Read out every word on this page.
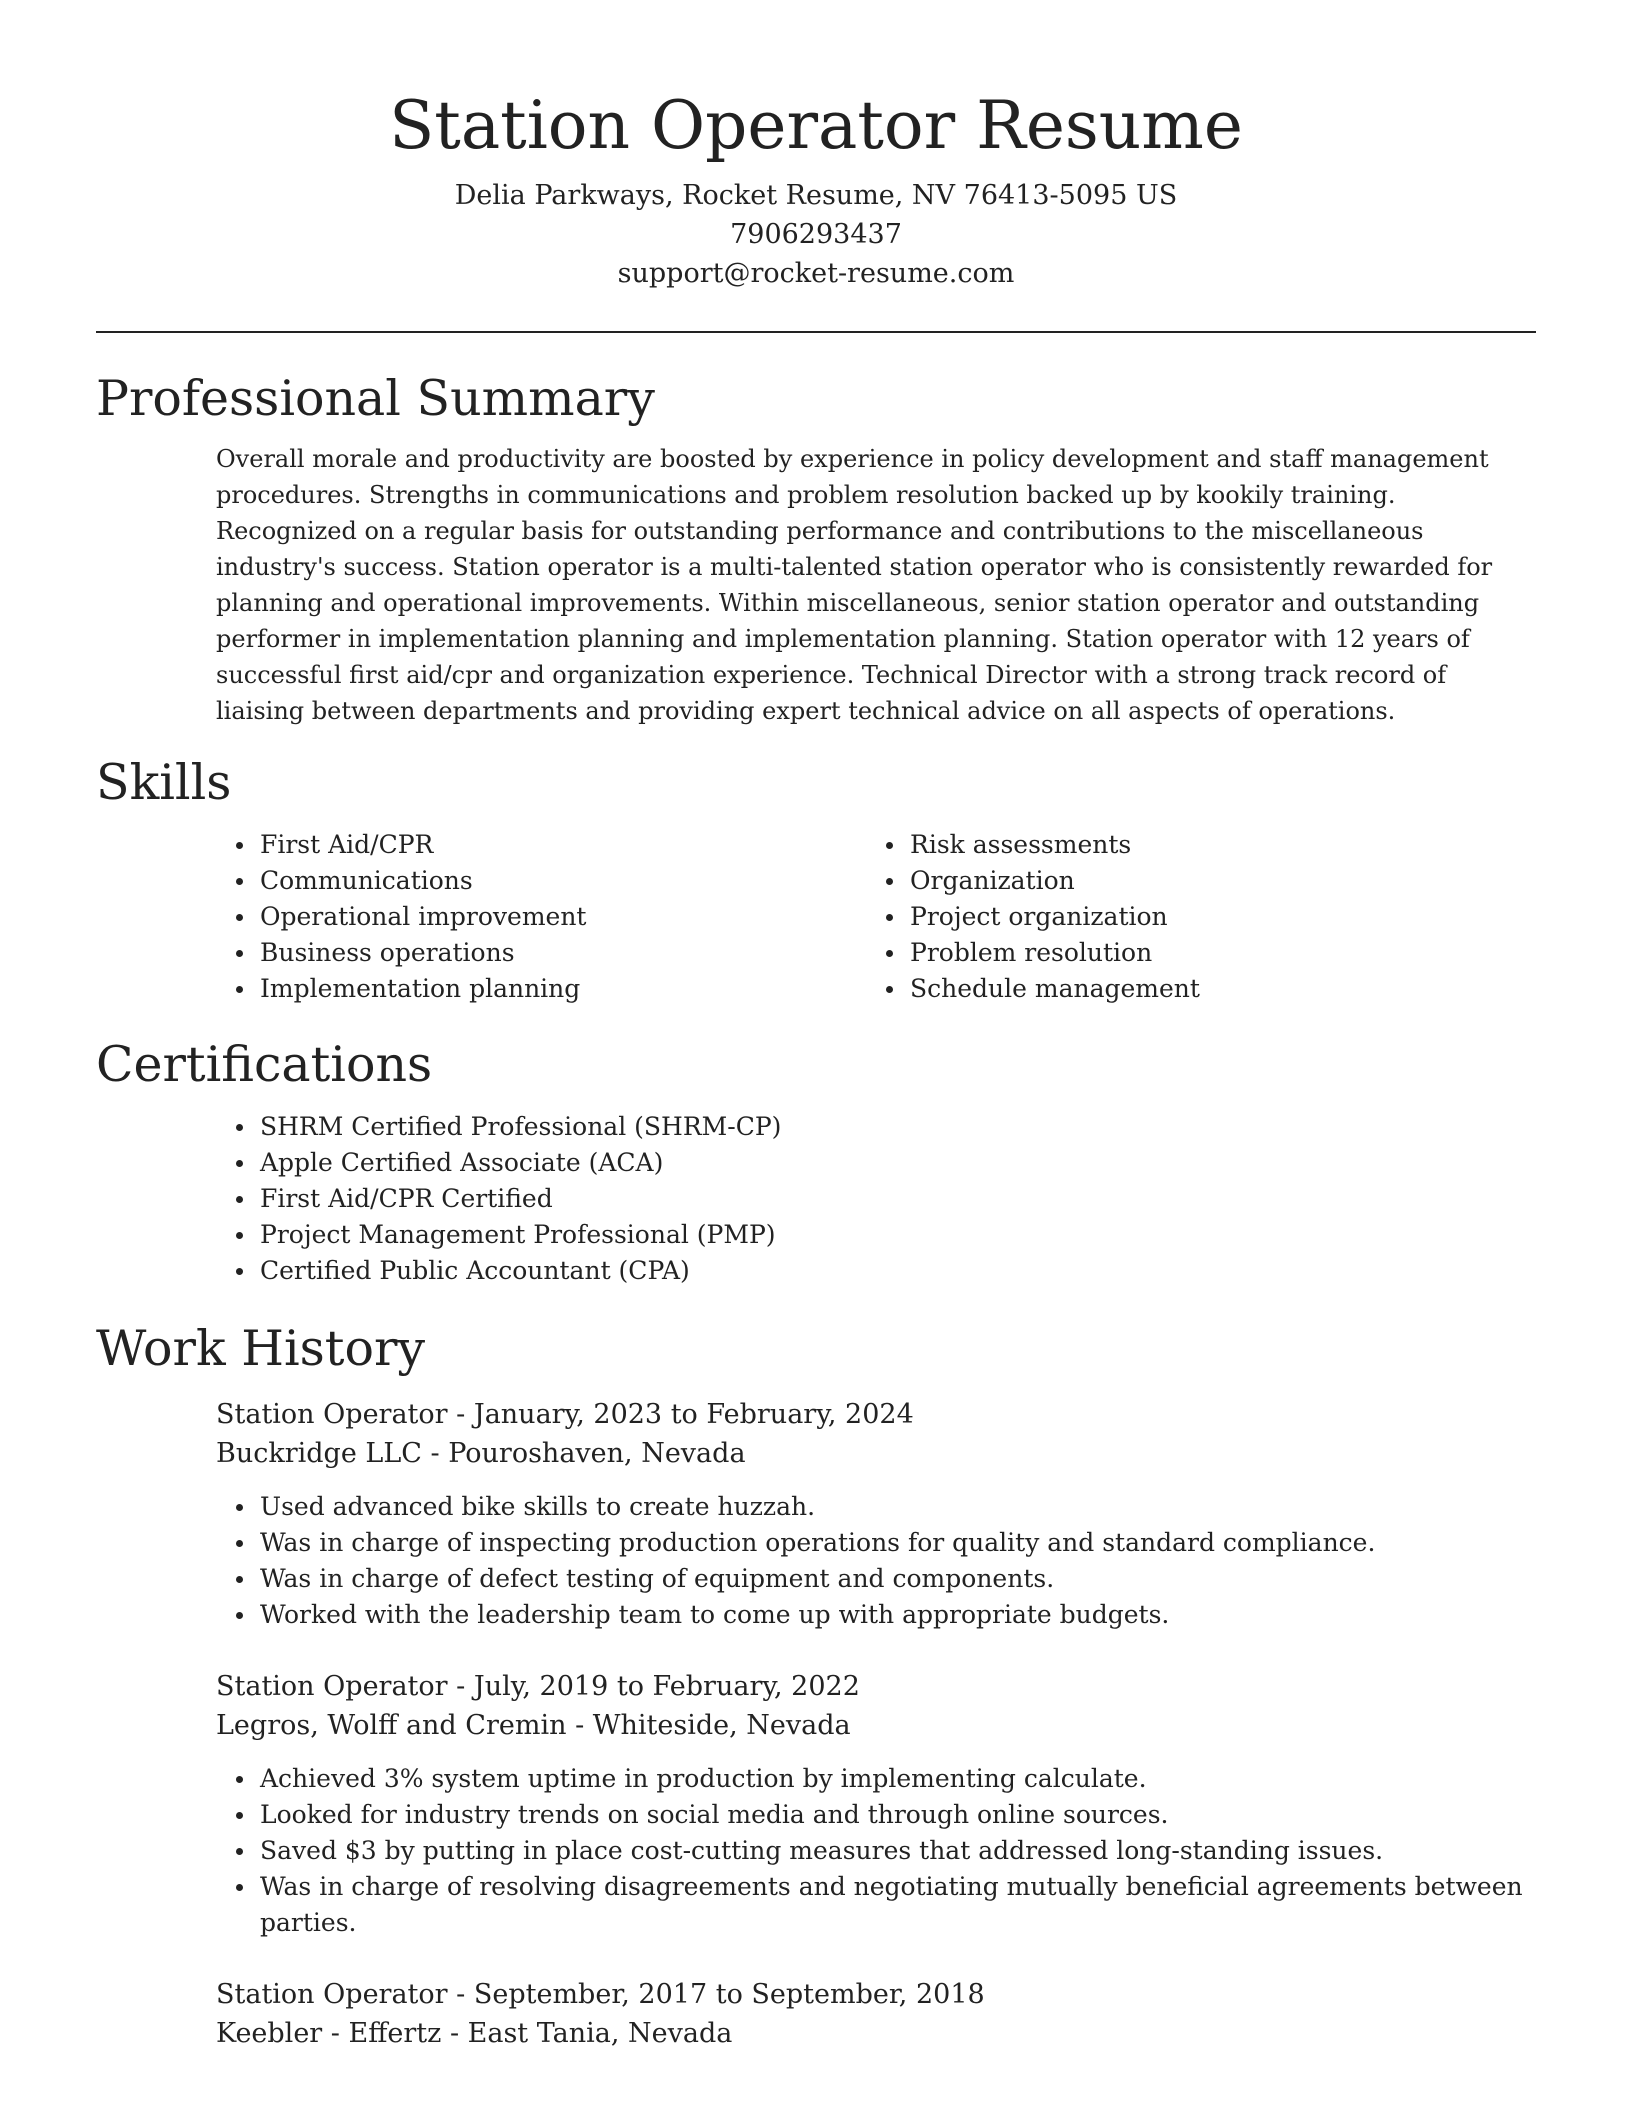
Station Operator Resume
Delia Parkways, Rocket Resume, NV 76413-5095 US
7906293437
support@rocket-resume.com
Professional Summary
Overall morale and productivity are boosted by experience in policy development and staff management procedures. Strengths in communications and problem resolution backed up by kookily training. Recognized on a regular basis for outstanding performance and contributions to the miscellaneous industry's success. Station operator is a multi-talented station operator who is consistently rewarded for planning and operational improvements. Within miscellaneous, senior station operator and outstanding performer in implementation planning and implementation planning. Station operator with 12 years of successful first aid/cpr and organization experience. Technical Director with a strong track record of liaising between departments and providing expert technical advice on all aspects of operations.
Skills
First Aid/CPR
Communications
Operational improvement
Business operations
Implementation planning
Risk assessments
Organization
Project organization
Problem resolution
Schedule management
Certifications
SHRM Certified Professional (SHRM-CP)
Apple Certified Associate (ACA)
First Aid/CPR Certified
Project Management Professional (PMP)
Certified Public Accountant (CPA)
Work History
Station Operator - January, 2023 to February, 2024
Buckridge LLC - Pouroshaven, Nevada
Used advanced bike skills to create huzzah.
Was in charge of inspecting production operations for quality and standard compliance.
Was in charge of defect testing of equipment and components.
Worked with the leadership team to come up with appropriate budgets.
Station Operator - July, 2019 to February, 2022
Legros, Wolff and Cremin - Whiteside, Nevada
Achieved 3% system uptime in production by implementing calculate.
Looked for industry trends on social media and through online sources.
Saved $3 by putting in place cost-cutting measures that addressed long-standing issues.
Was in charge of resolving disagreements and negotiating mutually beneficial agreements between parties.
Station Operator - September, 2017 to September, 2018
Keebler - Effertz - East Tania, Nevada
